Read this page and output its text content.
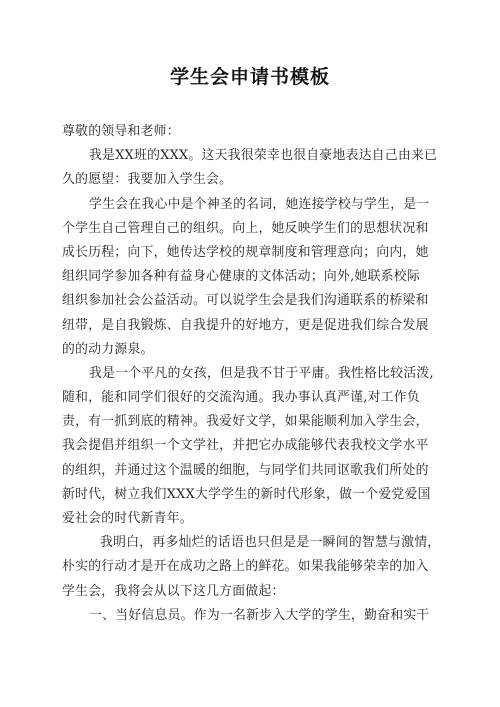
学生会申请书模板
尊敬的领导和老师：
我是XX班的XXX。这天我很荣幸也很自豪地表达自己由来已
久的愿望：我要加入学生会。
学生会在我心中是个神圣的名词，她连接学校与学生，是一
个学生自己管理自己的组织。向上，她反映学生们的思想状况和
成长历程；向下，她传达学校的规章制度和管理意向；向内，她
组织同学参加各种有益身心健康的文体活动；向外,她联系校际
组织参加社会公益活动。可以说学生会是我们沟通联系的桥梁和
纽带，是自我锻炼、自我提升的好地方，更是促进我们综合发展
的的动力源泉。
我是一个平凡的女孩，但是我不甘于平庸。我性格比较活泼,
随和，能和同学们很好的交流沟通。我办事认真严谨,对工作负
责，有一抓到底的精神。我爱好文学，如果能顺利加入学生会，
我会提倡并组织一个文学社，并把它办成能够代表我校文学水平
的组织，并通过这个温暖的细胞，与同学们共同讴歌我们所处的
新时代，树立我们XXX大学学生的新时代形象，做一个爱党爱国
爱社会的时代新青年。
我明白，再多灿烂的话语也只但是是一瞬间的智慧与激情，
朴实的行动才是开在成功之路上的鲜花。如果我能够荣幸的加入
学生会，我将会从以下这几方面做起：
一、当好信息员。作为一名新步入大学的学生，勤奋和实干
